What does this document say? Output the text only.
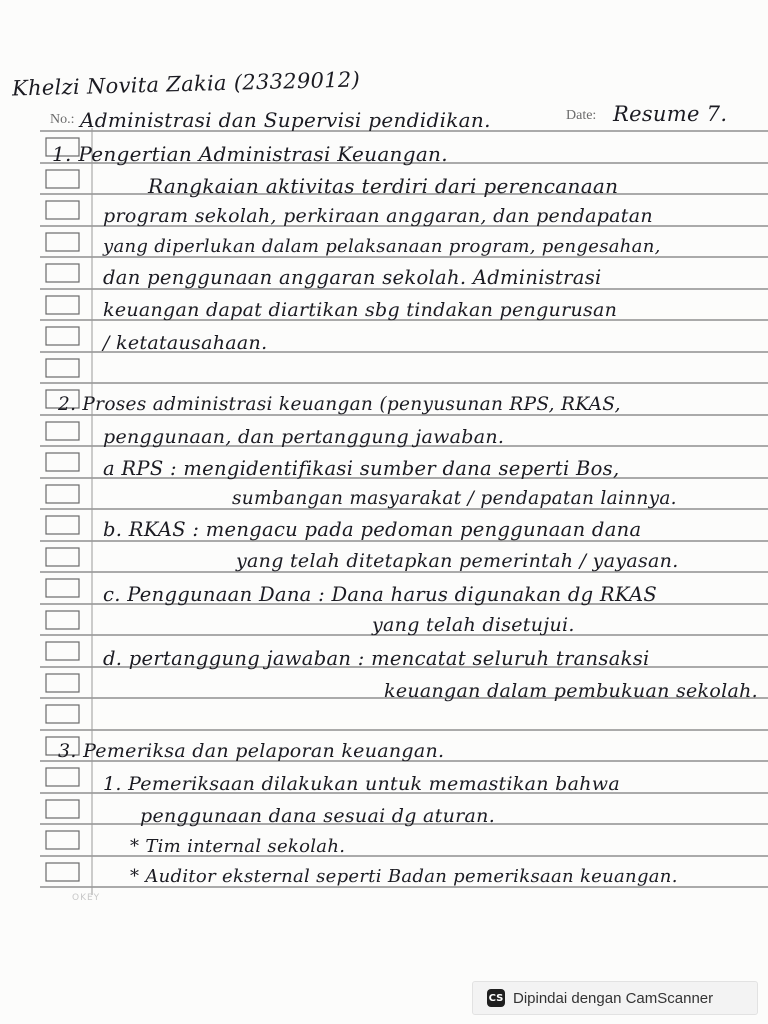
Khelzi Novita Zakia (23329012)
No.: Administrasi dan Supervisi pendidikan.	Date: Resume 7.
1. Pengertian Administrasi Keuangan.
Rangkaian aktivitas terdiri dari perencanaan
program sekolah, perkiraan anggaran, dan pendapatan
yang diperlukan dalam pelaksanaan program, pengesahan,
dan penggunaan anggaran sekolah. Administrasi
keuangan dapat diartikan sbg tindakan pengurusan
/ ketatausahaan.
2. Proses administrasi keuangan (penyusunan RPS, RKAS,
penggunaan, dan pertanggung jawaban.
a RPS : mengidentifikasi sumber dana seperti Bos,
sumbangan masyarakat / pendapatan lainnya.
b. RKAS : mengacu pada pedoman penggunaan dana
yang telah ditetapkan pemerintah / yayasan.
c. Penggunaan Dana : Dana harus digunakan dg RKAS
yang telah disetujui.
d. pertanggung jawaban : mencatat seluruh transaksi
keuangan dalam pembukuan sekolah.
3. Pemeriksa dan pelaporan keuangan.
1. Pemeriksaan dilakukan untuk memastikan bahwa
penggunaan dana sesuai dg aturan.
* Tim internal sekolah.
* Auditor eksternal seperti Badan pemeriksaan keuangan.
OKEY
CS Dipindai dengan CamScanner
